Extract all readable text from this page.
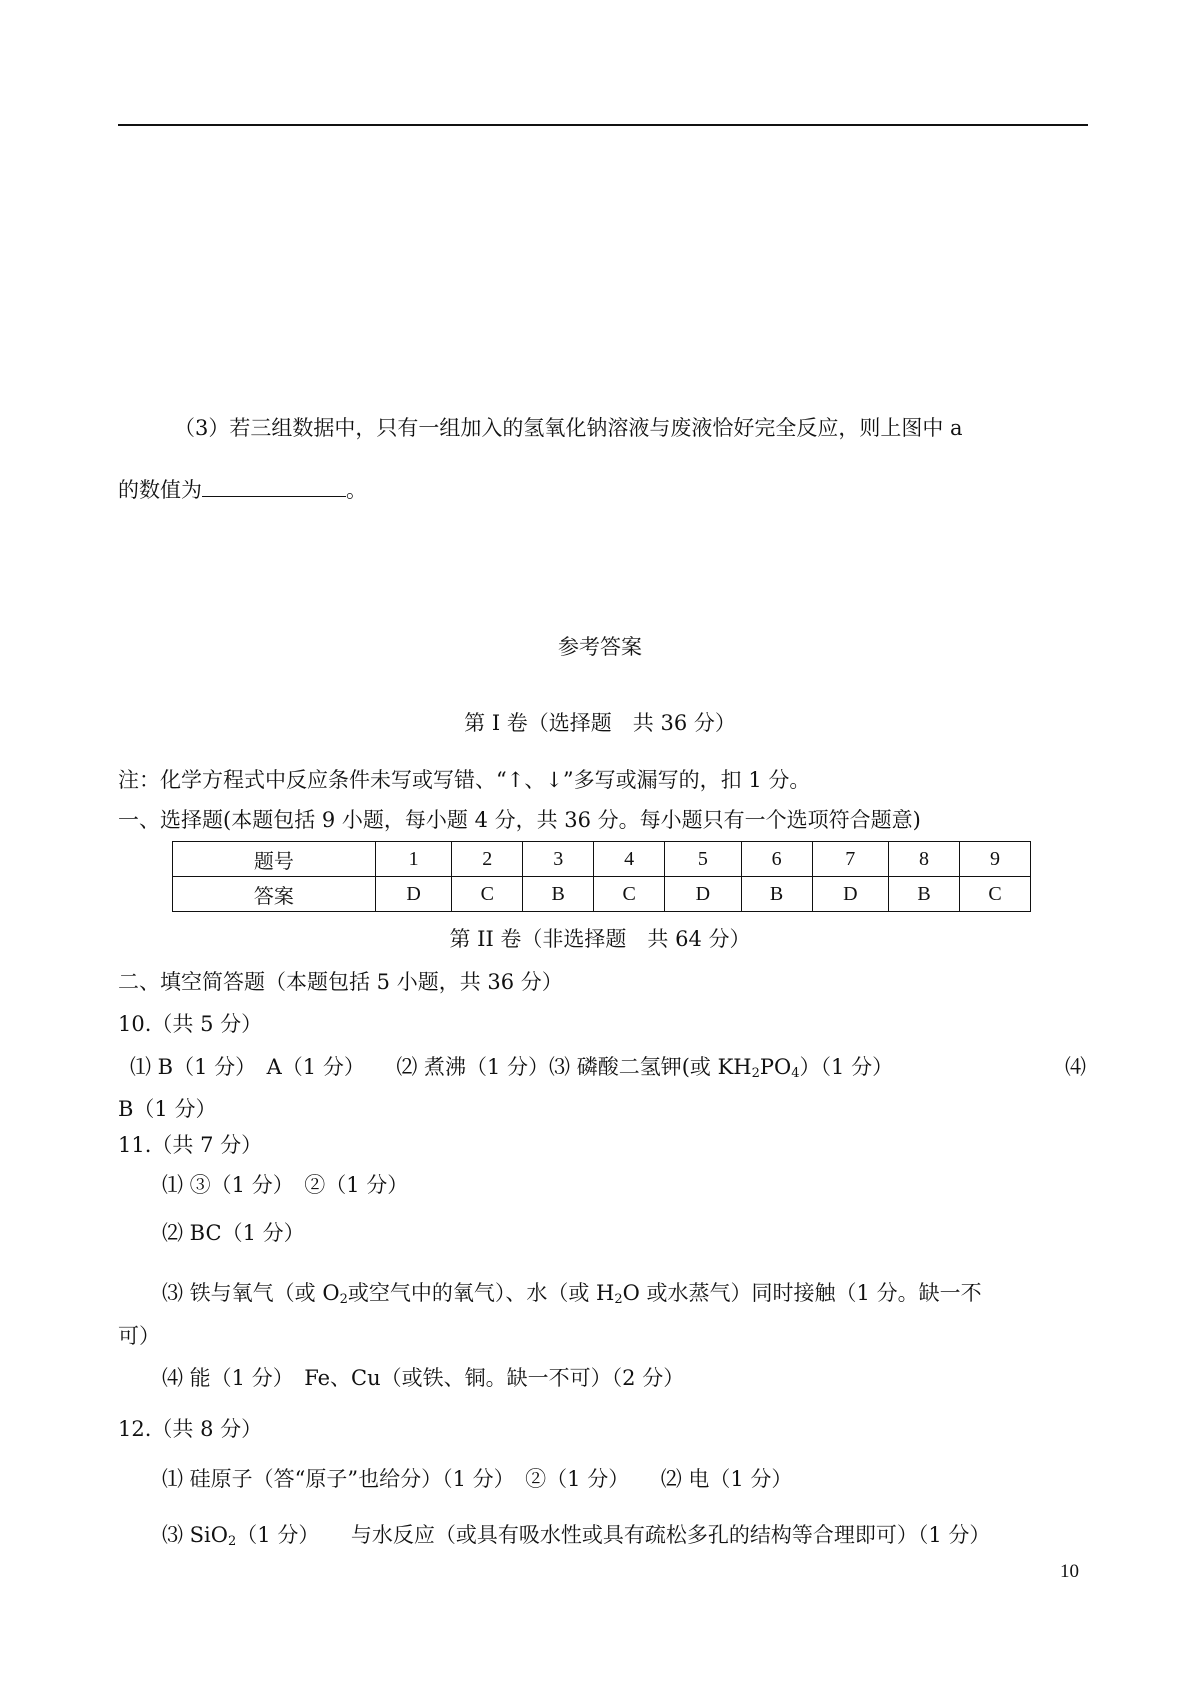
（3）若三组数据中，只有一组加入的氢氧化钠溶液与废液恰好完全反应，则上图中 a
的数值为	。
参考答案
第 I 卷（选择题　共 36 分）
注：化学方程式中反应条件未写或写错、“↑、↓”多写或漏写的，扣 1 分。
一、选择题(本题包括 9 小题，每小题 4 分，共 36 分。每小题只有一个选项符合题意)
题号	1	2	3	4	5	6	7	8	9
答案	D	C	B	C	D	B	D	B	C
第 II 卷（非选择题　共 64 分）
二、填空简答题（本题包括 5 小题，共 36 分）
10.（共 5 分）
⑴ B（1 分）　A（1 分）　　⑵ 煮沸（1 分）⑶ 磷酸二氢钾(或 $KH_2PO_4)(1$ 分）	⑷
B（1 分）
11.（共 7 分）
⑴ ③（1 分）　②（1 分）
⑵ BC（1 分）
⑶ 铁与氧气（或 $O_2$或空气中的氧气）、水（或 $H_2O$ 或水蒸气）同时接触（1 分。缺一不
可）
⑷ 能（1 分）　Fe、Cu（或铁、铜。缺一不可）（2 分）
12.（共 8 分）
⑴ 硅原子（答“原子”也给分）（1 分）　②（1 分）　　⑵ 电（1 分）
⑶ SiO$_2$（1 分）　　与水反应（或具有吸水性或具有疏松多孔的结构等合理即可）（1 分）
10
